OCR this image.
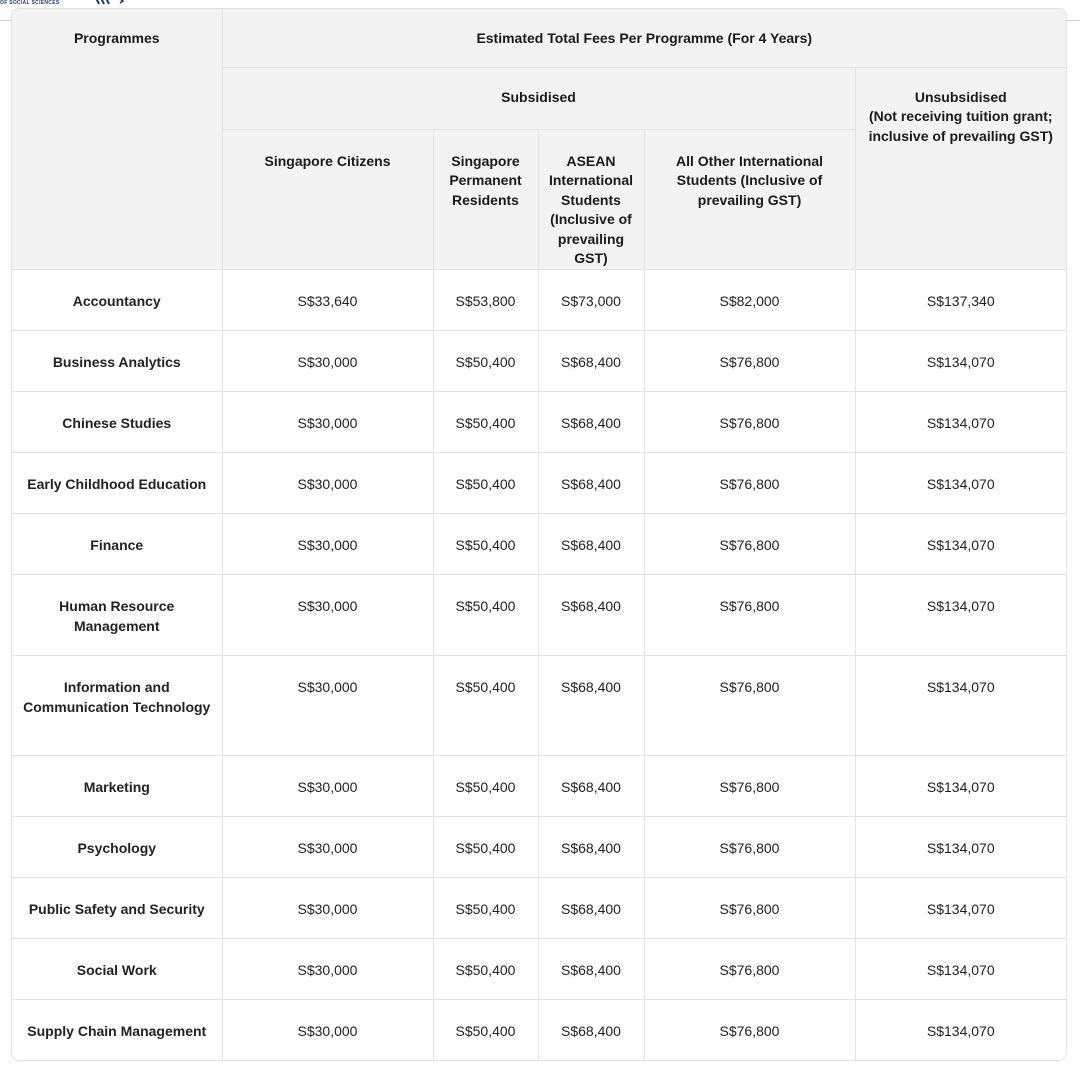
OF SOCIAL SCIENCES
Programmes	Estimated Total Fees Per Programme (For 4 Years)				
	Subsidised				Unsubsidised
(Not receiving tuition grant; inclusive of prevailing GST)

	Singapore Citizens	Singapore Permanent Residents	ASEAN International Students (Inclusive of prevailing GST)	All Other International Students (Inclusive of prevailing GST)	
Accountancy	S$33,640	S$53,800	S$73,000	S$82,000	S$137,340
Business Analytics	S$30,000	S$50,400	S$68,400	S$76,800	S$134,070
Chinese Studies	S$30,000	S$50,400	S$68,400	S$76,800	S$134,070
Early Childhood Education	S$30,000	S$50,400	S$68,400	S$76,800	S$134,070
Finance	S$30,000	S$50,400	S$68,400	S$76,800	S$134,070
Human Resource Management	S$30,000	S$50,400	S$68,400	S$76,800	S$134,070
Information and Communication Technology	S$30,000	S$50,400	S$68,400	S$76,800	S$134,070
Marketing	S$30,000	S$50,400	S$68,400	S$76,800	S$134,070
Psychology	S$30,000	S$50,400	S$68,400	S$76,800	S$134,070
Public Safety and Security	S$30,000	S$50,400	S$68,400	S$76,800	S$134,070
Social Work	S$30,000	S$50,400	S$68,400	S$76,800	S$134,070
Supply Chain Management	S$30,000	S$50,400	S$68,400	S$76,800	S$134,070
